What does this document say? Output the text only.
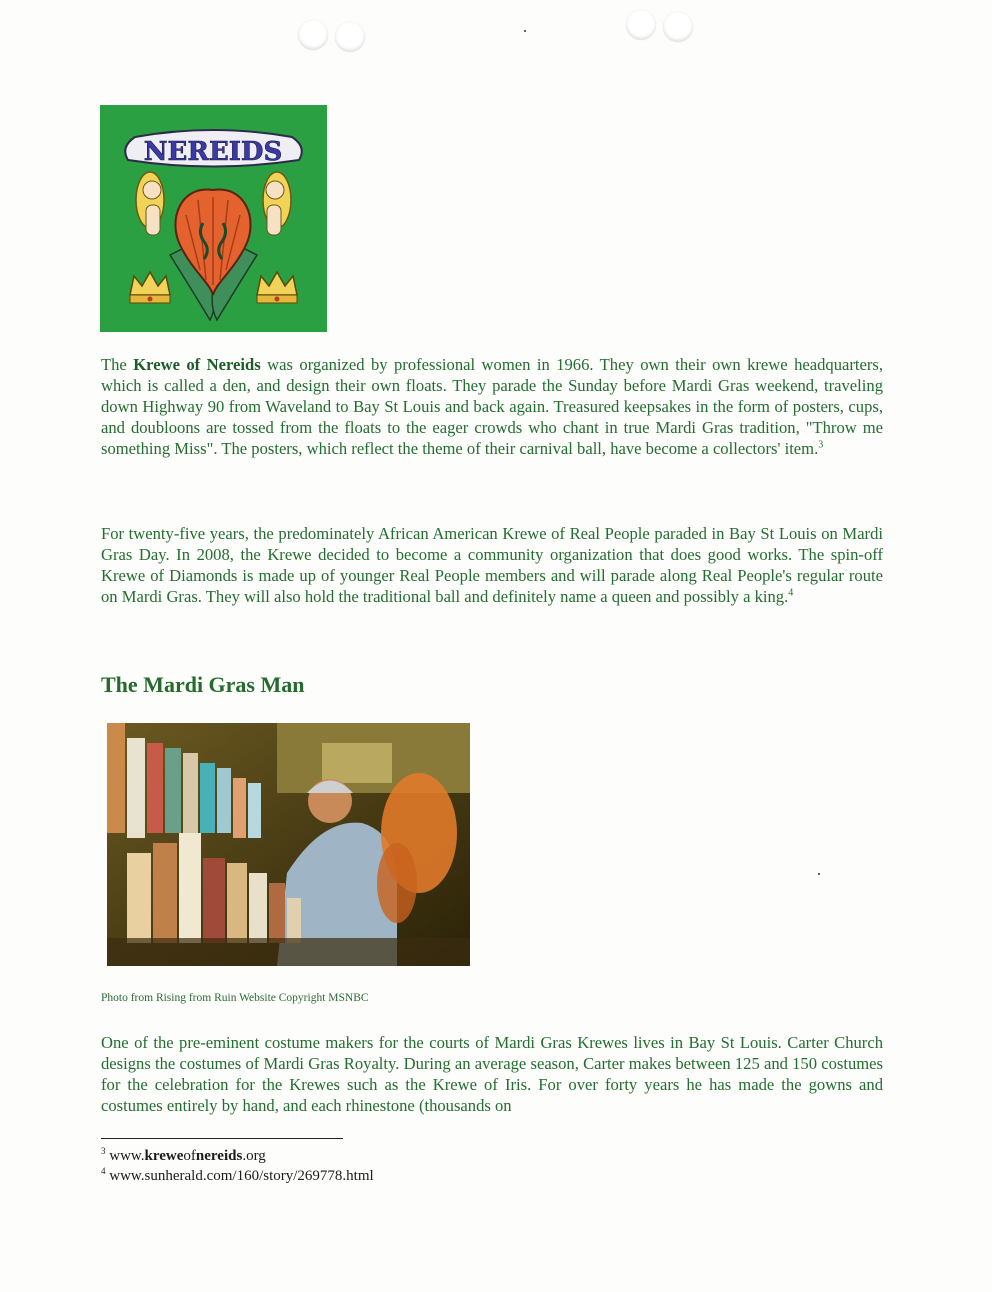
NEREIDS

The Krewe of Nereids was organized by professional women in 1966. They own their own krewe headquarters, which is called a den, and design their own floats. They parade the Sunday before Mardi Gras weekend, traveling down Highway 90 from Waveland to Bay St Louis and back again. Treasured keepsakes in the form of posters, cups, and doubloons are tossed from the floats to the eager crowds who chant in true Mardi Gras tradition, "Throw me something Miss". The posters, which reflect the theme of their carnival ball, have become a collectors' item.$^3$

For twenty-five years, the predominately African American Krewe of Real People paraded in Bay St Louis on Mardi Gras Day. In 2008, the Krewe decided to become a community organization that does good works. The spin-off Krewe of Diamonds is made up of younger Real People members and will parade along Real People's regular route on Mardi Gras. They will also hold the traditional ball and definitely name a queen and possibly a king.$^4$

The Mardi Gras Man
Photo from Rising from Ruin Website Copyright MSNBC

One of the pre-eminent costume makers for the courts of Mardi Gras Krewes lives in Bay St Louis. Carter Church designs the costumes of Mardi Gras Royalty. During an average season, Carter makes between 125 and 150 costumes for the celebration for the Krewes such as the Krewe of Iris. For over forty years he has made the gowns and costumes entirely by hand, and each rhinestone (thousands on

$^3$ www.kreweofnereids.org
$^4$ www.sunherald.com/160/story/269778.html
